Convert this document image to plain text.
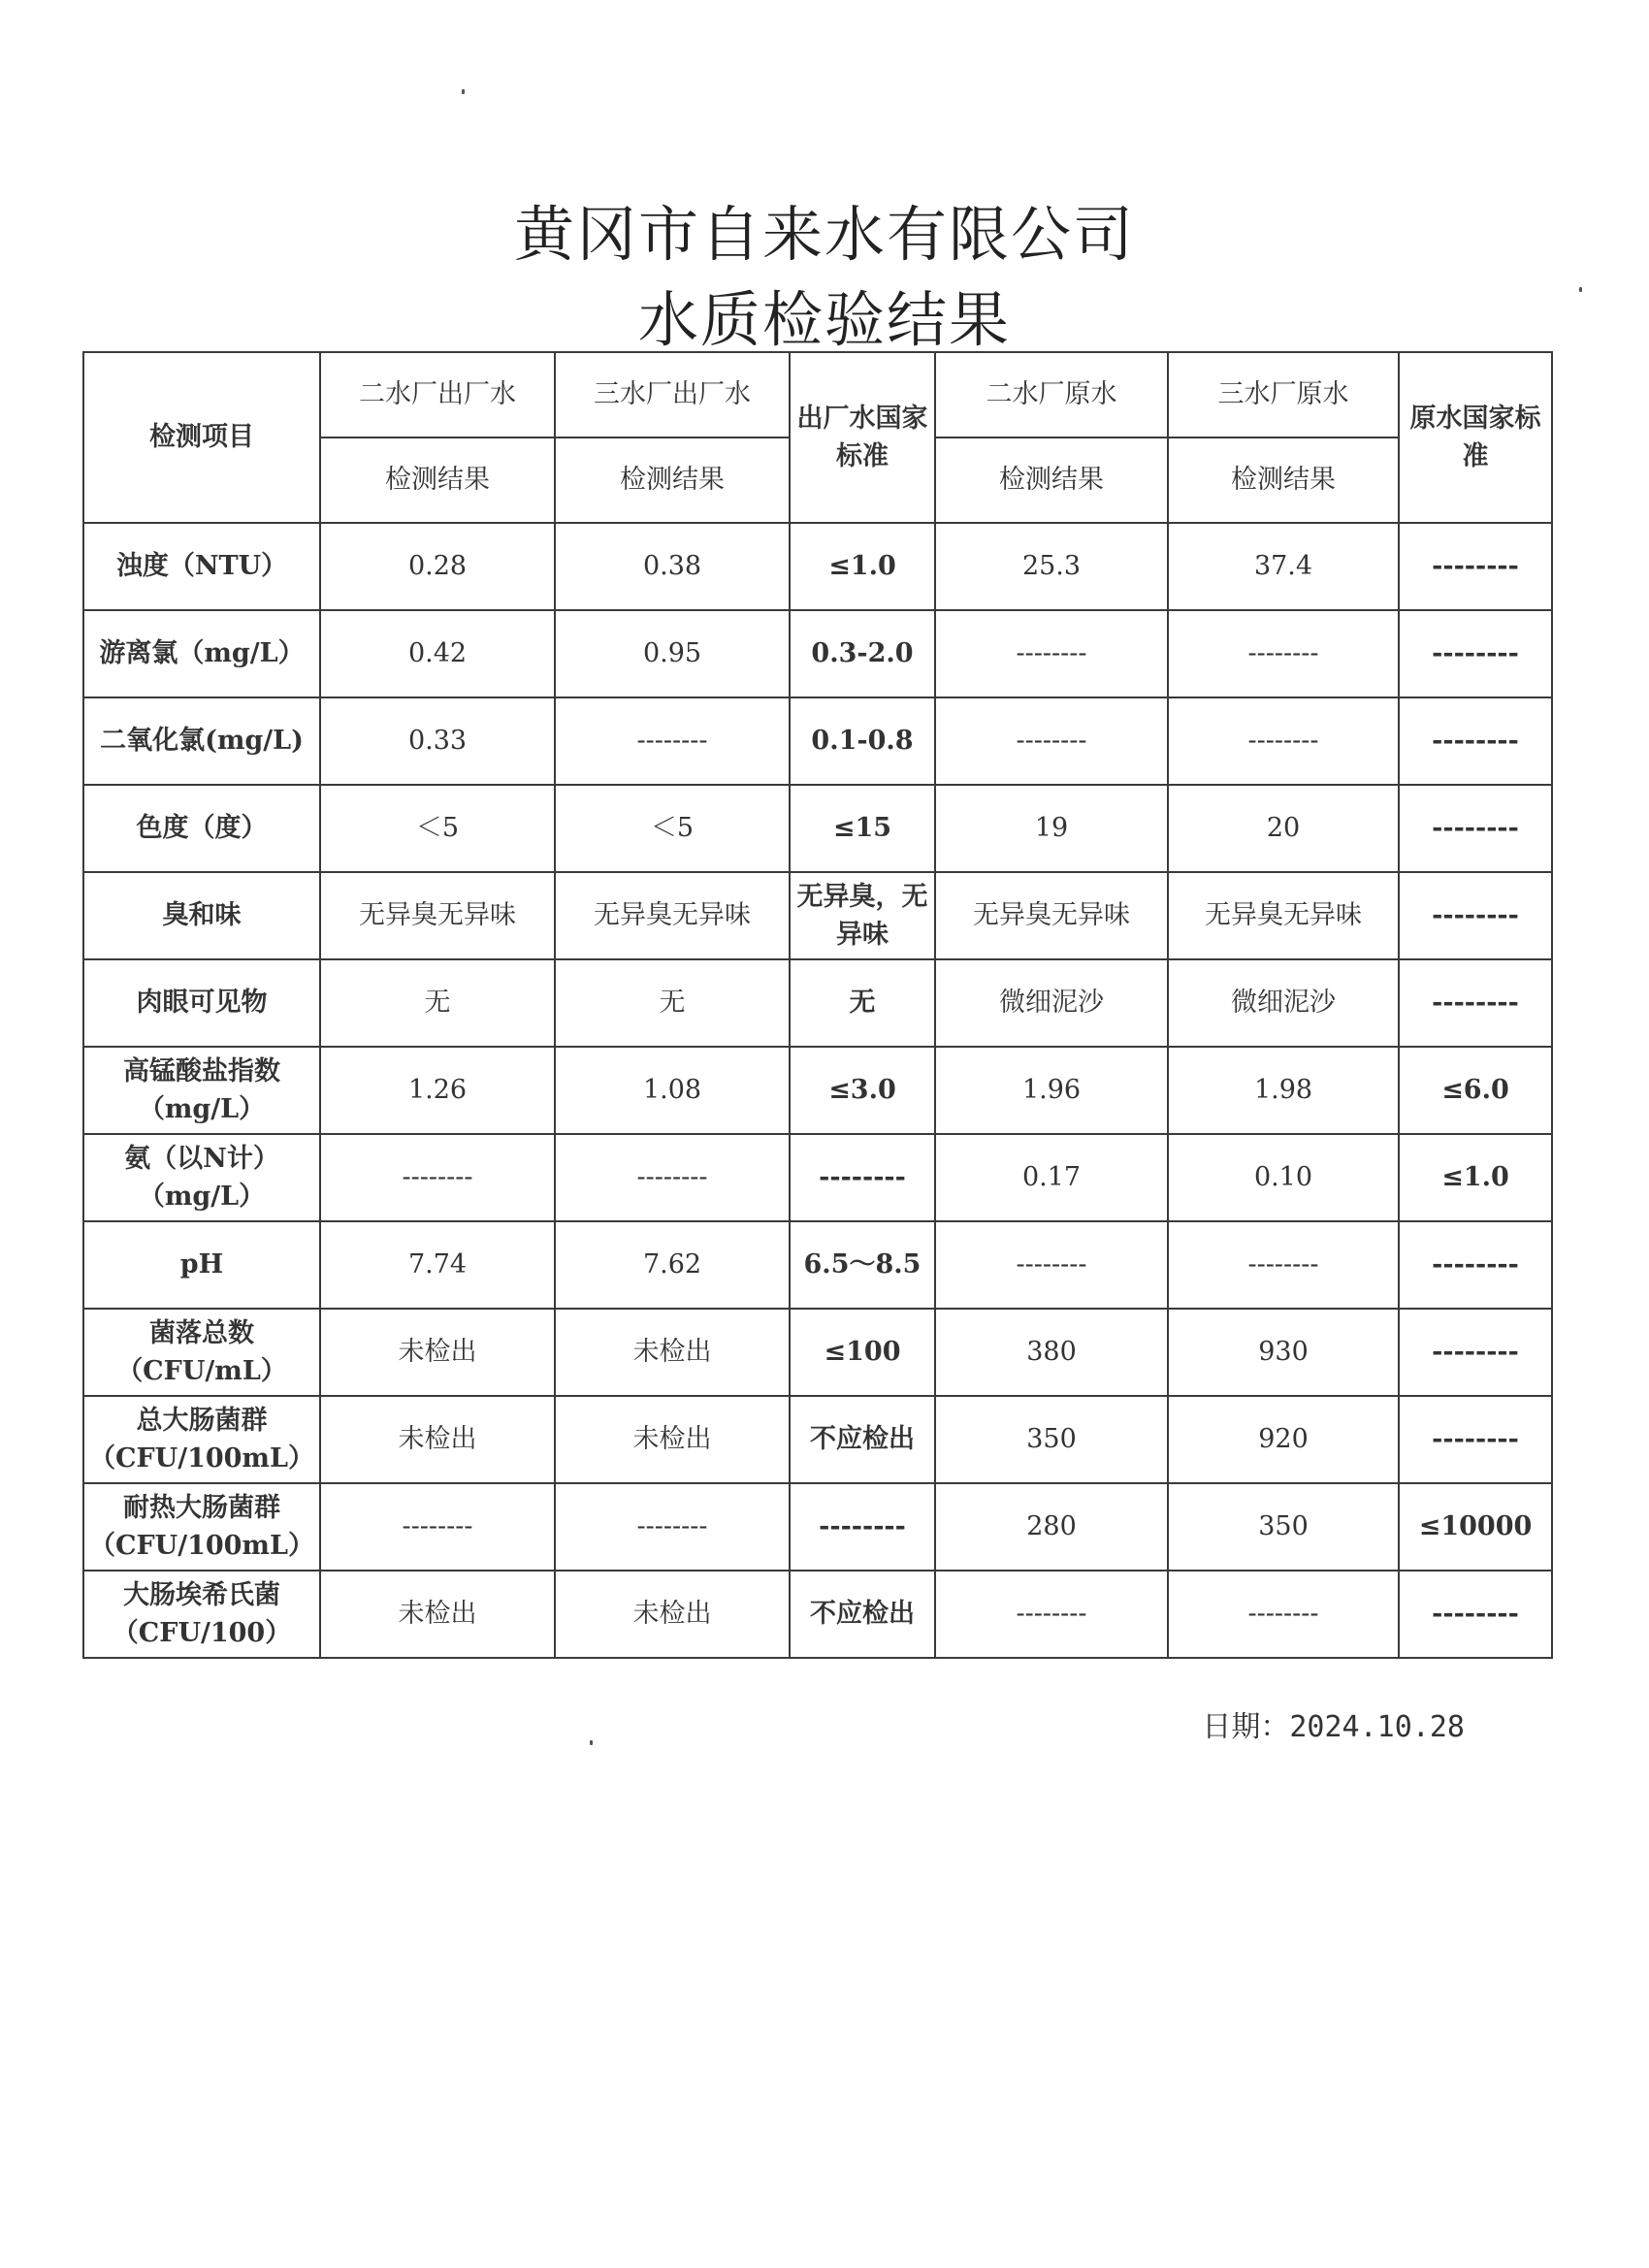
黄冈市自来水有限公司
水质检验结果
检测项目	二水厂出厂水	三水厂出厂水	出厂水国家标准	二水厂原水	三水厂原水	原水国家标准
	检测结果	检测结果		检测结果	检测结果	
浊度（NTU）	0.28	0.38	≤1.0	25.3	37.4	--------
游离氯（mg/L）	0.42	0.95	0.3-2.0	--------	--------	--------
二氧化氯(mg/L)	0.33	--------	0.1-0.8	--------	--------	--------
色度（度）	＜5	＜5	≤15	19	20	--------
臭和味	无异臭无异味	无异臭无异味	无异臭，无异味	无异臭无异味	无异臭无异味	--------
肉眼可见物	无	无	无	微细泥沙	微细泥沙	--------
高锰酸盐指数（mg/L）	1.26	1.08	≤3.0	1.96	1.98	≤6.0
氨（以N计）（mg/L）	--------	--------	--------	0.17	0.10	≤1.0
pH	7.74	7.62	6.5～8.5	--------	--------	--------
菌落总数（CFU/mL）	未检出	未检出	≤100	380	930	--------
总大肠菌群（CFU/100mL）	未检出	未检出	不应检出	350	920	--------
耐热大肠菌群（CFU/100mL）	--------	--------	--------	280	350	≤10000
大肠埃希氏菌（CFU/100）	未检出	未检出	不应检出	--------	--------	--------
日期：2024.10.28
